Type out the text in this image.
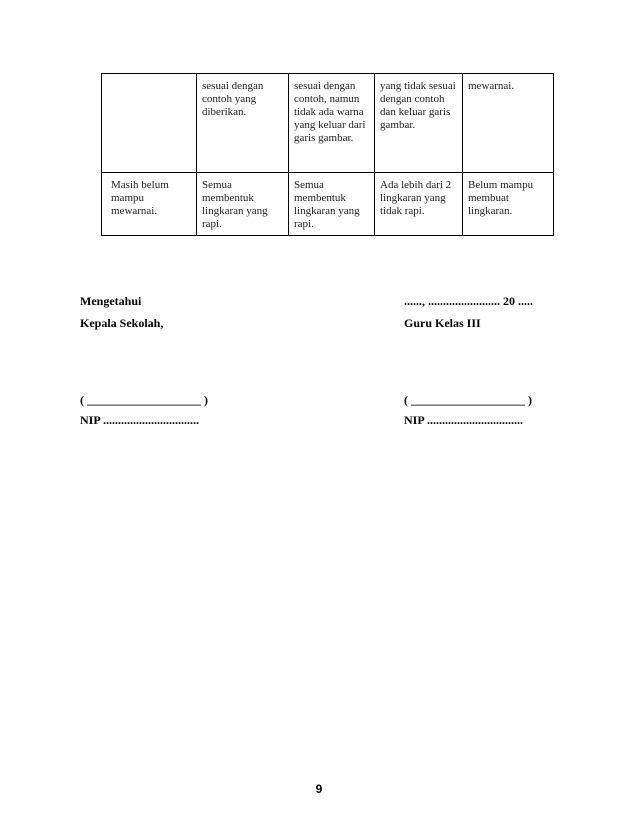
	sesuai dengan contoh yang diberikan.	sesuai dengan contoh, namun tidak ada warna yang keluar dari garis gambar.	yang tidak sesuai dengan contoh dan keluar garis gambar.	mewarnai.

Masih belum mampu mewarnai.	Semua membentuk lingkaran yang rapi.	Semua membentuk lingkaran yang rapi.	Ada lebih dari 2 lingkaran yang tidak rapi.	Belum mampu membuat lingkaran.
Mengetahui
Kepala Sekolah,
( ___________________ )
NIP ................................
......, ........................ 20 .....
Guru Kelas III
( ___________________ )
NIP ................................
9
